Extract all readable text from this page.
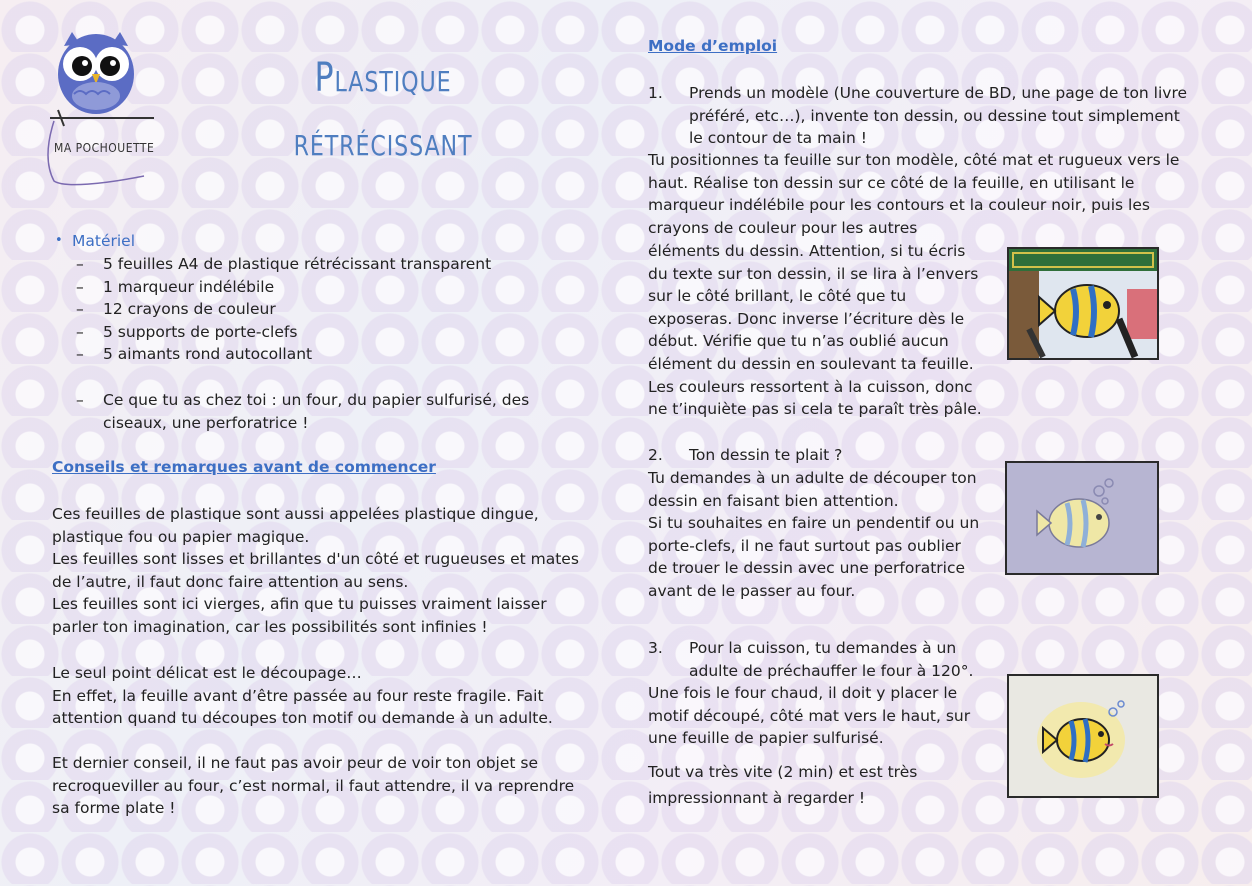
MA POCHOUETTE
Plastique
rétrécissant
• Matériel
– 5 feuilles A4 de plastique rétrécissant transparent
– 1 marqueur indélébile
– 12 crayons de couleur
– 5 supports de porte-clefs
– 5 aimants rond autocollant
– Ce que tu as chez toi : un four, du papier sulfurisé, des
ciseaux, une perforatrice !
Conseils et remarques avant de commencer
Ces feuilles de plastique sont aussi appelées plastique dingue,
plastique fou ou papier magique.
Les feuilles sont lisses et brillantes d'un côté et rugueuses et mates
de l’autre, il faut donc faire attention au sens.
Les feuilles sont ici vierges, afin que tu puisses vraiment laisser
parler ton imagination, car les possibilités sont infinies !
Le seul point délicat est le découpage…
En effet, la feuille avant d’être passée au four reste fragile. Fait
attention quand tu découpes ton motif ou demande à un adulte.
Et dernier conseil, il ne faut pas avoir peur de voir ton objet se
recroqueviller au four, c’est normal, il faut attendre, il va reprendre
sa forme plate !
Mode d’emploi
1. Prends un modèle (Une couverture de BD, une page de ton livre
préféré, etc…), invente ton dessin, ou dessine tout simplement
le contour de ta main !
Tu positionnes ta feuille sur ton modèle, côté mat et rugueux vers le
haut. Réalise ton dessin sur ce côté de la feuille, en utilisant le
marqueur indélébile pour les contours et la couleur noir, puis les
crayons de couleur pour les autres
éléments du dessin. Attention, si tu écris
du texte sur ton dessin, il se lira à l’envers
sur le côté brillant, le côté que tu
exposeras. Donc inverse l’écriture dès le
début. Vérifie que tu n’as oublié aucun
élément du dessin en soulevant ta feuille.
Les couleurs ressortent à la cuisson, donc
ne t’inquiète pas si cela te paraît très pâle.
2. Ton dessin te plait ?
Tu demandes à un adulte de découper ton
dessin en faisant bien attention.
Si tu souhaites en faire un pendentif ou un
porte-clefs, il ne faut surtout pas oublier
de trouer le dessin avec une perforatrice
avant de le passer au four.
3. Pour la cuisson, tu demandes à un
adulte de préchauffer le four à 120°.
Une fois le four chaud, il doit y placer le
motif découpé, côté mat vers le haut, sur
une feuille de papier sulfurisé.
Tout va très vite (2 min) et est très
impressionnant à regarder !
